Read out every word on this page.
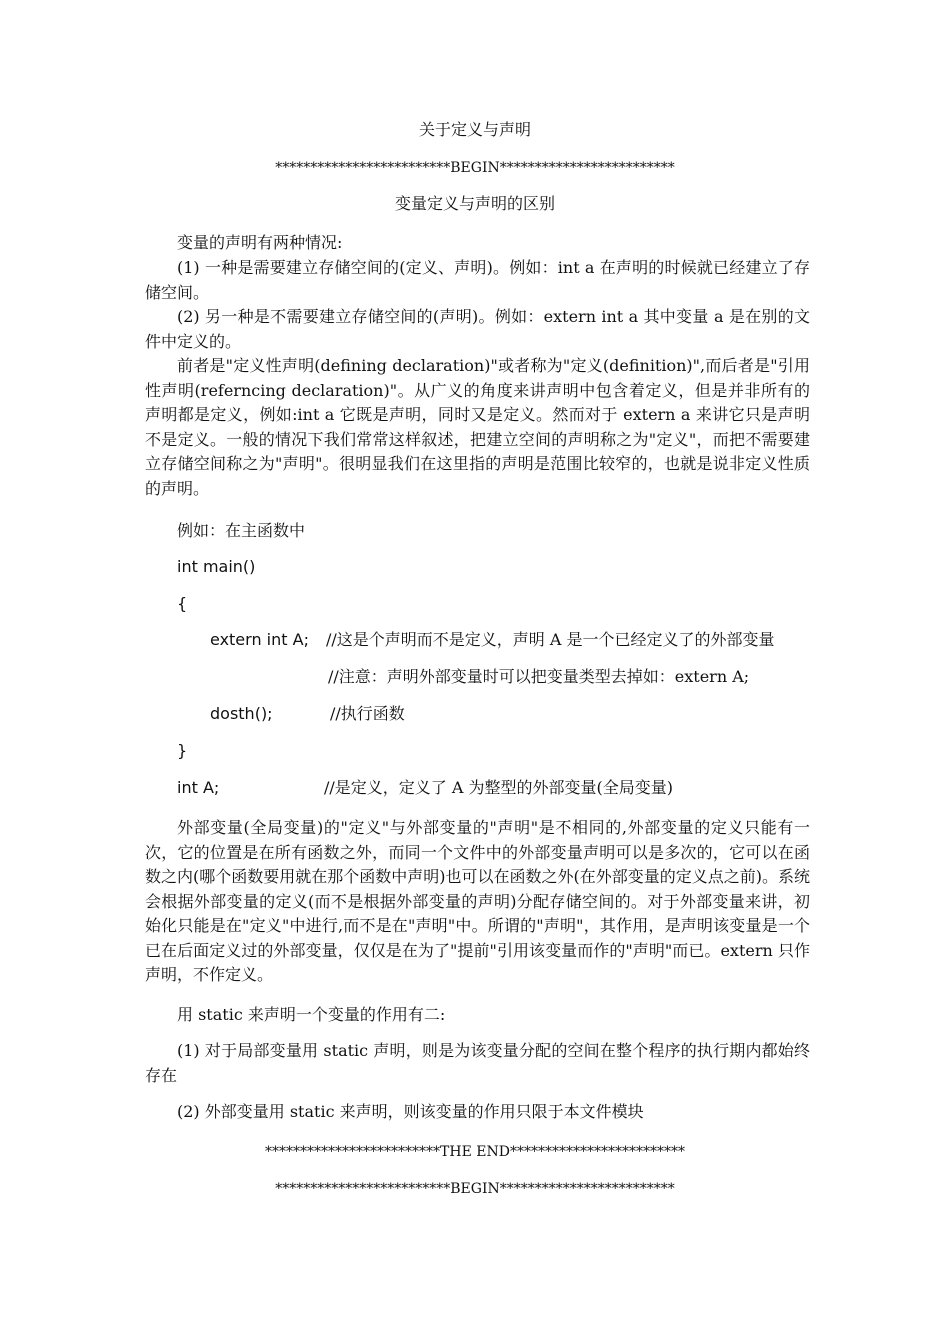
关于定义与声明
*************************BEGIN*************************
变量定义与声明的区别
变量的声明有两种情况:
(1) 一种是需要建立存储空间的(定义、声明)。例如：int a 在声明的时候就已经建立了存储空间。
(2) 另一种是不需要建立存储空间的(声明)。例如：extern int a 其中变量 a 是在别的文件中定义的。
前者是"定义性声明(defining declaration)"或者称为"定义(definition)",而后者是"引用性声明(referncing declaration)"。从广义的角度来讲声明中包含着定义，但是并非所有的声明都是定义，例如:int a 它既是声明，同时又是定义。然而对于 extern a 来讲它只是声明不是定义。一般的情况下我们常常这样叙述，把建立空间的声明称之为"定义"，而把不需要建立存储空间称之为"声明"。很明显我们在这里指的声明是范围比较窄的，也就是说非定义性质的声明。
例如：在主函数中
int main()
{
extern int A; //这是个声明而不是定义，声明 A 是一个已经定义了的外部变量
//注意：声明外部变量时可以把变量类型去掉如：extern A;
dosth();	//执行函数
}
int A;	//是定义，定义了 A 为整型的外部变量(全局变量)
外部变量(全局变量)的"定义"与外部变量的"声明"是不相同的,外部变量的定义只能有一次，它的位置是在所有函数之外，而同一个文件中的外部变量声明可以是多次的，它可以在函数之内(哪个函数要用就在那个函数中声明)也可以在函数之外(在外部变量的定义点之前)。系统会根据外部变量的定义(而不是根据外部变量的声明)分配存储空间的。对于外部变量来讲，初始化只能是在"定义"中进行,而不是在"声明"中。所谓的"声明"，其作用，是声明该变量是一个已在后面定义过的外部变量，仅仅是在为了"提前"引用该变量而作的"声明"而已。extern 只作声明，不作定义。
用 static 来声明一个变量的作用有二:
(1) 对于局部变量用 static 声明，则是为该变量分配的空间在整个程序的执行期内都始终存在
(2) 外部变量用 static 来声明，则该变量的作用只限于本文件模块
*************************THE END*************************
*************************BEGIN*************************
